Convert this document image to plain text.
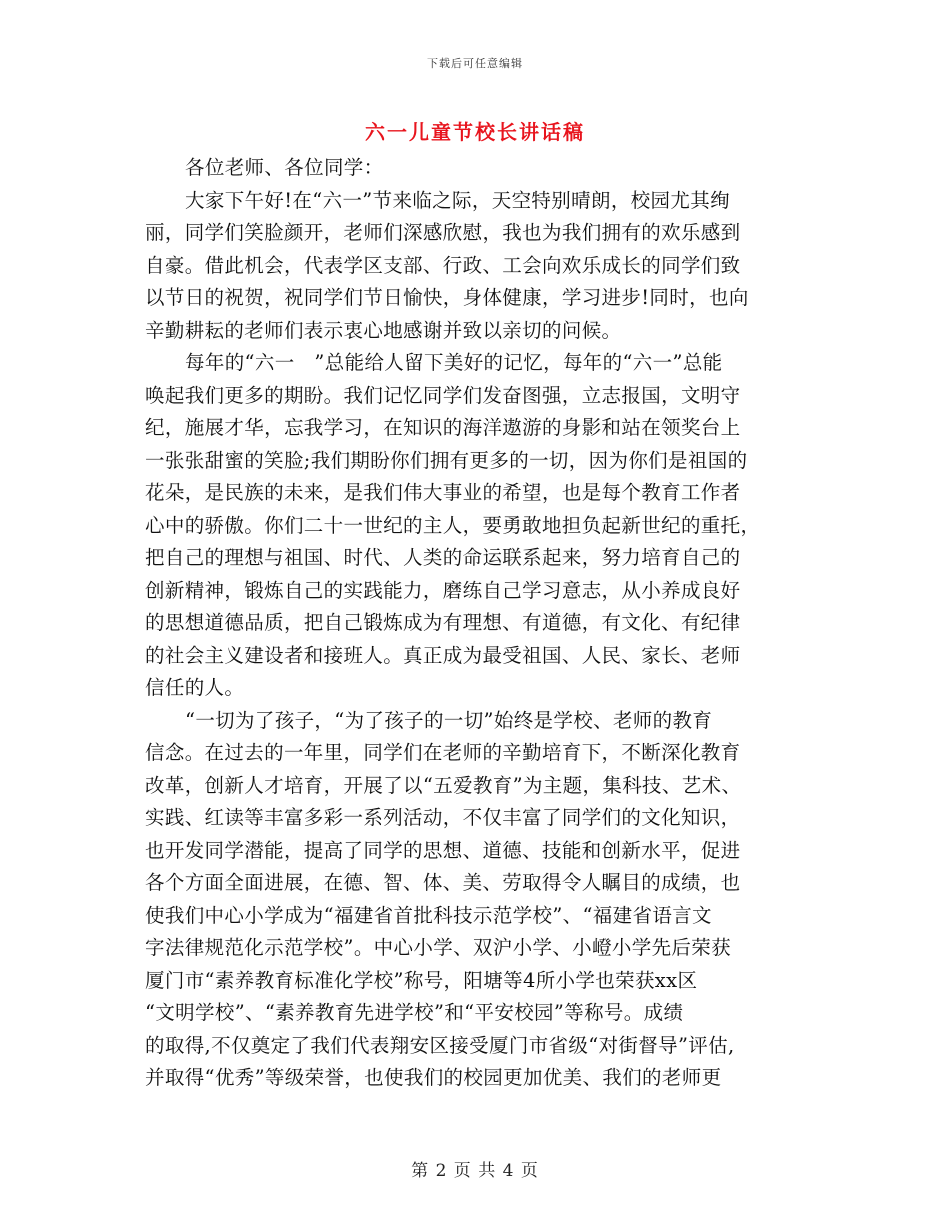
下载后可任意编辑
六一儿童节校长讲话稿
各位老师、各位同学：
大家下午好!在“六一”节来临之际，天空特别晴朗，校园尤其绚
丽，同学们笑脸颜开，老师们深感欣慰，我也为我们拥有的欢乐感到
自豪。借此机会，代表学区支部、行政、工会向欢乐成长的同学们致
以节日的祝贺，祝同学们节日愉快，身体健康，学习进步!同时，也向
辛勤耕耘的老师们表示衷心地感谢并致以亲切的问候。
每年的“六一　”总能给人留下美好的记忆，每年的“六一”总能
唤起我们更多的期盼。我们记忆同学们发奋图强，立志报国，文明守
纪，施展才华，忘我学习，在知识的海洋遨游的身影和站在领奖台上
一张张甜蜜的笑脸;我们期盼你们拥有更多的一切，因为你们是祖国的
花朵，是民族的未来，是我们伟大事业的希望，也是每个教育工作者
心中的骄傲。你们二十一世纪的主人，要勇敢地担负起新世纪的重托，
把自己的理想与祖国、时代、人类的命运联系起来，努力培育自己的
创新精神，锻炼自己的实践能力，磨练自己学习意志，从小养成良好
的思想道德品质，把自己锻炼成为有理想、有道德，有文化、有纪律
的社会主义建设者和接班人。真正成为最受祖国、人民、家长、老师
信任的人。
“一切为了孩子，“为了孩子的一切”始终是学校、老师的教育
信念。在过去的一年里，同学们在老师的辛勤培育下，不断深化教育
改革，创新人才培育，开展了以“五爱教育”为主题，集科技、艺术、
实践、红读等丰富多彩一系列活动，不仅丰富了同学们的文化知识，
也开发同学潜能，提高了同学的思想、道德、技能和创新水平，促进
各个方面全面进展，在德、智、体、美、劳取得令人瞩目的成绩，也
使我们中心小学成为“福建省首批科技示范学校”、“福建省语言文
字法律规范化示范学校”。中心小学、双沪小学、小嶝小学先后荣获
厦门市“素养教育标准化学校”称号，阳塘等4所小学也荣获xx区
“文明学校”、“素养教育先进学校”和“平安校园”等称号。成绩
的取得,不仅奠定了我们代表翔安区接受厦门市省级“对街督导”评估,
并取得“优秀”等级荣誉，也使我们的校园更加优美、我们的老师更
第 2 页 共 4 页
